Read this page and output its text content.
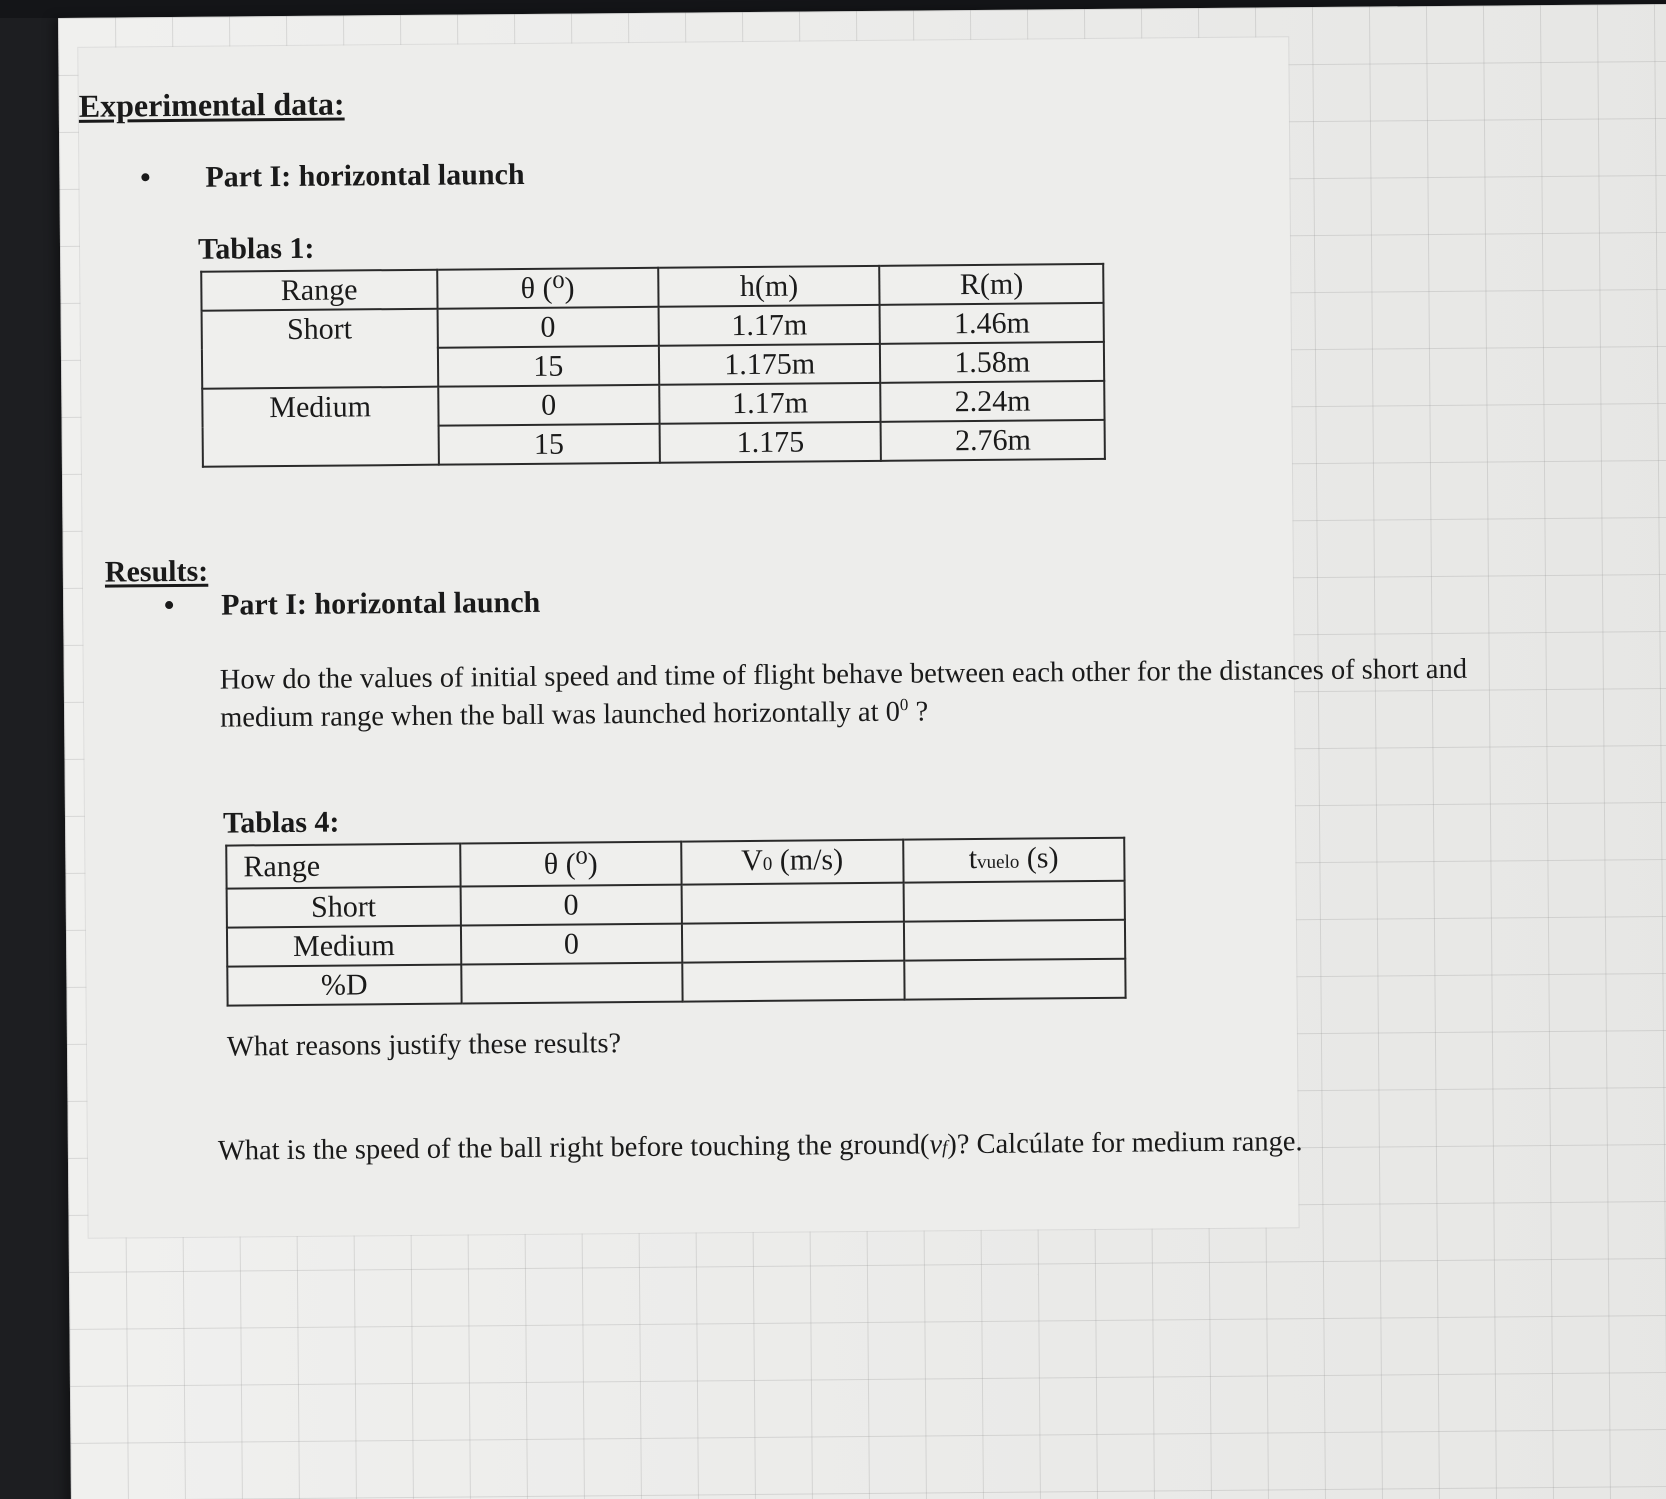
Experimental data:
Part I: horizontal launch
Tablas 1:
Range	θ (⁰)	h(m)	R(m)
Short	0	1.17m	1.46m
	15	1.175m	1.58m
Medium	0	1.17m	2.24m
	15	1.175	2.76m
Results:
Part I: horizontal launch

How do the values of initial speed and time of flight behave between each other for the distances of short and
medium range when the ball was launched horizontally at $0^0$ ?

Tablas 4:
Range	θ (⁰)	V0 (m/s)	tvuelo (s)
Short	0		
Medium	0		
%D			

What reasons justify these results?

What is the speed of the ball right before touching the ground(vf)? Calcúlate for medium range.
